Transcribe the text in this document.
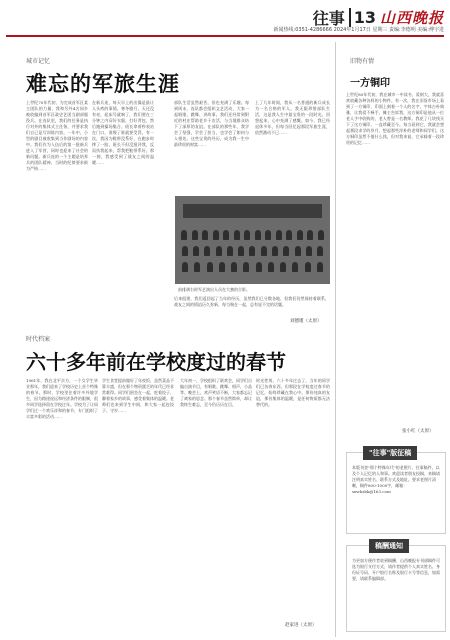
往事 13 山西晚报
新闻热线:0351-4286666 2024年1月17日 星期三 责编:李德明 美编:傅宇进
城市记忆
难忘的军旅生涯
上世纪70年代初，为完成首军区某主团队的力量，我和另外4名同乡被收编到首军区政史艺团当剧部服役兵。在连队里，我们的任务是执行对外的集体式主任务，并要求我们自已是写训练内容。一年中，小型的剧目被收集到当作剧场的内容中。我们作为入伍后的第一批新兵进入了军营，同时也迎来了社会的新问题。新兵连的一个主题是培养兵的团队精神，当时的纪律要求极为严格……
在新兵连，每天早上的出操是最让人头疼的事情。寒冬腊月，天还没有亮，起床号就响了，我们要在三分钟之内穿好衣服、打好背包，然后跑到操场集合。班长拿着秒表站在门口，谁慢了谁就要受罚。有一次，我因为鞋带没系好，在跑步时摔了一跤，班长不但没批评我，反而扶我起来，帮我把鞋带系好。那一刻，我感受到了战友之间的温暖……
部队生活虽然艰苦，但也充满了乐趣。每到周末，连队都会组织文艺活动，大家一起唱歌、跳舞、讲故事。我们还经常到附近的村庄帮助老乡干农活，与当地群众结下了深厚的友谊。在部队的那些年，我学会了坚强，学会了担当，也学会了如何与人相处。这些宝贵的经历，成为我一生中最珍贵的财富……
上了几年时间，我从一名普通的新兵成长为一名合格的军人。我无限珍惜部队生活，这是我人生中最宝贵的一段时光。回想起来，心中充满了感慨。如今，我已经退休多年，但每当回忆起那段军旅生涯，依然激动不已……
后来组建，我们返回起了当年的经历，虽然我们已分散各地，但我们仍然保持着联系，战友之间的情谊历久弥新，每当聚在一起，总有说不完的话题。
刘德瑾（太原）
前排满右时军艺演出人员在大寨的合影。
时代档案
六十多年前在学校度过的春节
1961年，我在北平京方，一个女学生毕业那年，我们迎来了学校历史上首个特殊的春节。那时，学校里住着许多外地学生，因为路途遥远和经济条件的限制，很多同学选择留在学校过年。学校为了让同学们过一个欢乐祥和的春节，专门组织了丰富多彩的活动……
学生食堂提前做好了年夜饭，虽然菜品不算丰盛，但在那个物资匮乏的年代已经非常难得。同学们围坐在一起，吃着饺子，聊着家乡的故事，感受着集体的温暖。老师们也来到学生中间，和大家一起包饺子、守岁……
大年初一，学校组织了联欢会，同学们自编自演节目，有唱歌、跳舞、相声、小品等。晚会上，欢声笑语不断，大家都忘记了离家的思念。那个春节虽然简单，却让我终生难忘，至今仍历历在目。
时光荏苒，六十多年过去了，当年的同学们已各奔东西，但那段在学校度过春节的记忆，始终珍藏在我心中。那份纯真的友谊，那份集体的温暖，是任何物质都无法替代的。
赵家进（太原）
旧物有情
一方铜印
上世纪80年代初，我在城市一中读书，爱刻大，我就喜欢收藏各种各样的小物件。有一次，我在旧货市场上看到了一方铜印，印面上刻着一个人的名字，字体古朴典雅，让我爱不释手。摊主告诉我，这方铜印是他从一位老人手中收购的，老人曾是一名教师。我花了几块钱买下了这方铜印，一直珍藏至今。每当看到它，我就会想起那段求学的岁月，想起那些淳朴的老师和同学们。这方铜印虽然不值什么钱，但对我来说，它承载着一段珍贵的记忆……
张小红（太原）
"往事"版征稿
本版刊登"那个特殊年代"的老照片、往事稿件，以及个人记忆的人和事。欢迎读者朋友投稿，来稿请注明真实姓名、联系方式及地址。要求老照片清晰，稿件800-1000字，邮箱：sxwbzbk@163.com
稿酬通知
为更加方便作者收到稿酬，山西晚报专刊部稿件可选为银行支付方式，请作者提供个人真实姓名、身份证号码、开户银行名称及银行卡号等信息，如需要，请联系编辑部。
